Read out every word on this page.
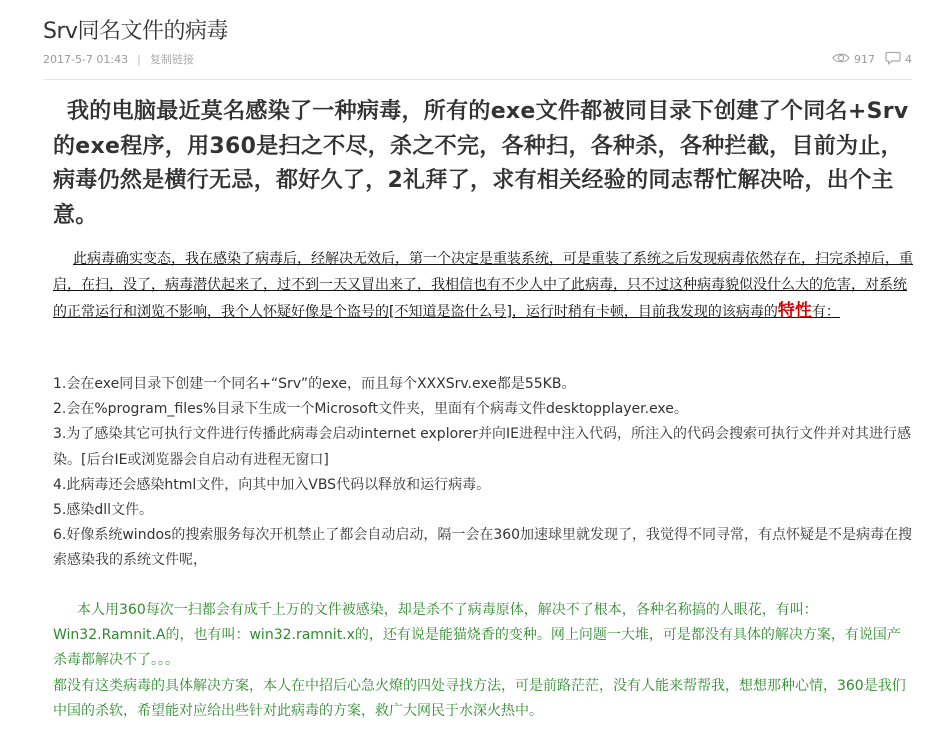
Srv同名文件的病毒
2017-5-7 01:43 | 复制链接	917	4
我的电脑最近莫名感染了一种病毒，所有的exe文件都被同目录下创建了个同名+Srv的exe程序，用360是扫之不尽，杀之不完，各种扫，各种杀，各种拦截，目前为止，病毒仍然是横行无忌，都好久了，2礼拜了，求有相关经验的同志帮忙解决哈，出个主意。
此病毒确实变态，我在感染了病毒后，经解决无效后，第一个决定是重装系统，可是重装了系统之后发现病毒依然存在，扫完杀掉后，重启，在扫，没了，病毒潜伏起来了，过不到一天又冒出来了，我相信也有不少人中了此病毒，只不过这种病毒貌似没什么大的危害，对系统的正常运行和浏览不影响，我个人怀疑好像是个盗号的[不知道是盗什么号]，运行时稍有卡顿，目前我发现的该病毒的特性有：
1.会在exe同目录下创建一个同名+“Srv”的exe，而且每个XXXSrv.exe都是55KB。
2.会在%program_files%目录下生成一个Microsoft文件夹，里面有个病毒文件desktopplayer.exe。
3.为了感染其它可执行文件进行传播此病毒会启动internet explorer并向IE进程中注入代码，所注入的代码会搜索可执行文件并对其进行感染。[后台IE或浏览器会自启动有进程无窗口]
4.此病毒还会感染html文件，向其中加入VBS代码以释放和运行病毒。
5.感染dll文件。
6.好像系统windos的搜索服务每次开机禁止了都会自动启动，隔一会在360加速球里就发现了，我觉得不同寻常，有点怀疑是不是病毒在搜索感染我的系统文件呢，
本人用360每次一扫都会有成千上万的文件被感染，却是杀不了病毒原体，解决不了根本，各种名称搞的人眼花，有叫：Win32.Ramnit.A的，也有叫：win32.ramnit.x的，还有说是能猫烧香的变种。网上问题一大堆，可是都没有具体的解决方案，有说国产杀毒都解决不了。。。
都没有这类病毒的具体解决方案，本人在中招后心急火燎的四处寻找方法，可是前路茫茫，没有人能来帮帮我，想想那种心情，360是我们中国的杀软，希望能对应给出些针对此病毒的方案，救广大网民于水深火热中。
